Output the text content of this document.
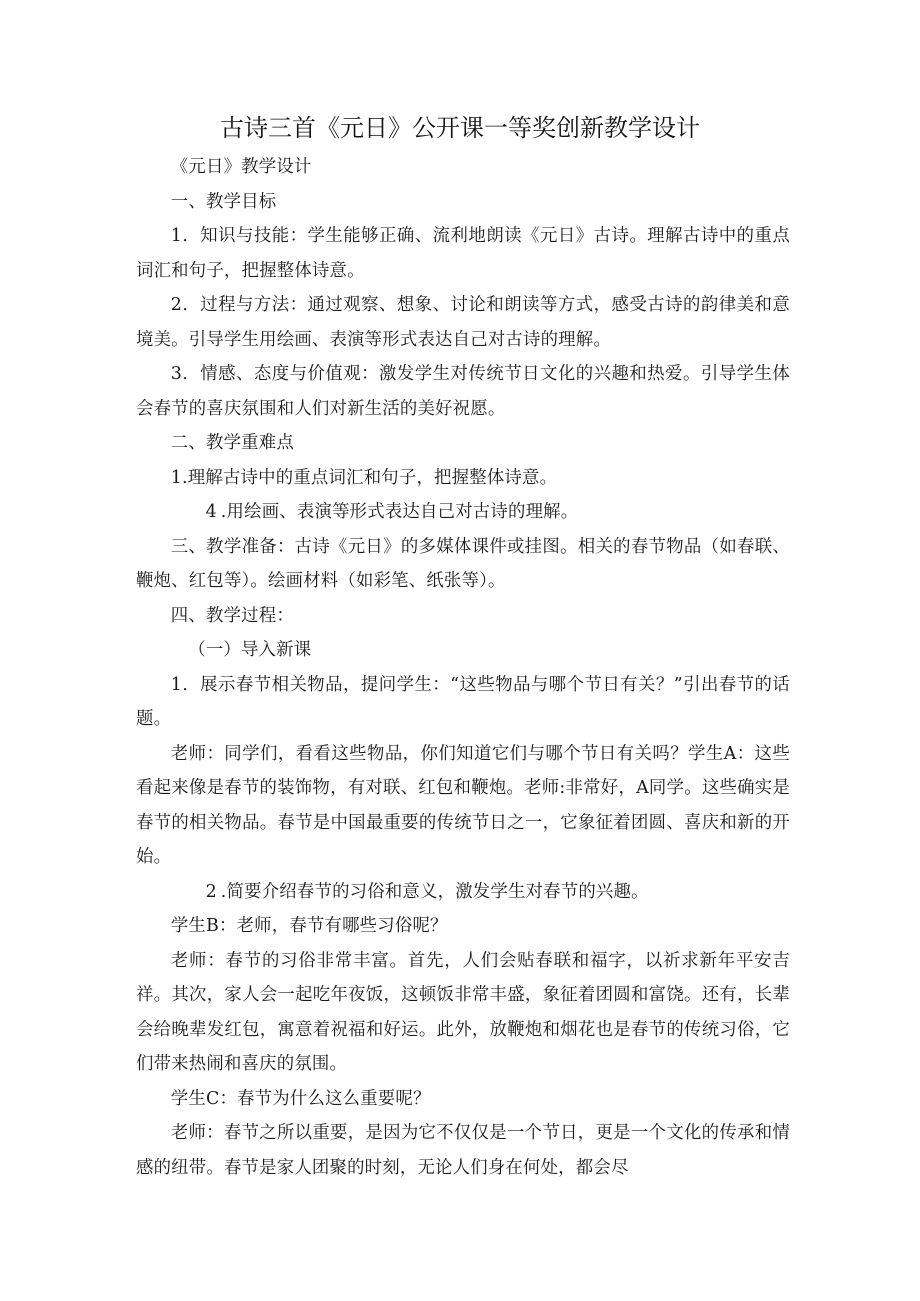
古诗三首《元日》公开课一等奖创新教学设计

《元日》教学设计

一、教学目标

1．知识与技能：学生能够正确、流利地朗读《元日》古诗。理解古诗中的重点词汇和句子，把握整体诗意。

2．过程与方法：通过观察、想象、讨论和朗读等方式，感受古诗的韵律美和意境美。引导学生用绘画、表演等形式表达自己对古诗的理解。

3．情感、态度与价值观：激发学生对传统节日文化的兴趣和热爱。引导学生体会春节的喜庆氛围和人们对新生活的美好祝愿。

二、教学重难点

1.理解古诗中的重点词汇和句子，把握整体诗意。

4 .用绘画、表演等形式表达自己对古诗的理解。

三、教学准备：古诗《元日》的多媒体课件或挂图。相关的春节物品（如春联、鞭炮、红包等）。绘画材料（如彩笔、纸张等）。

四、教学过程：

（一）导入新课

1．展示春节相关物品，提问学生：“这些物品与哪个节日有关？”引出春节的话题。

老师：同学们，看看这些物品，你们知道它们与哪个节日有关吗？学生A：这些看起来像是春节的装饰物，有对联、红包和鞭炮。老师:非常好，A同学。这些确实是春节的相关物品。春节是中国最重要的传统节日之一，它象征着团圆、喜庆和新的开始。

2 .简要介绍春节的习俗和意义，激发学生对春节的兴趣。

学生B：老师，春节有哪些习俗呢？

老师：春节的习俗非常丰富。首先，人们会贴春联和福字，以祈求新年平安吉祥。其次，家人会一起吃年夜饭，这顿饭非常丰盛，象征着团圆和富饶。还有，长辈会给晚辈发红包，寓意着祝福和好运。此外，放鞭炮和烟花也是春节的传统习俗，它们带来热闹和喜庆的氛围。

学生C：春节为什么这么重要呢？

老师：春节之所以重要，是因为它不仅仅是一个节日，更是一个文化的传承和情感的纽带。春节是家人团聚的时刻，无论人们身在何处，都会尽
